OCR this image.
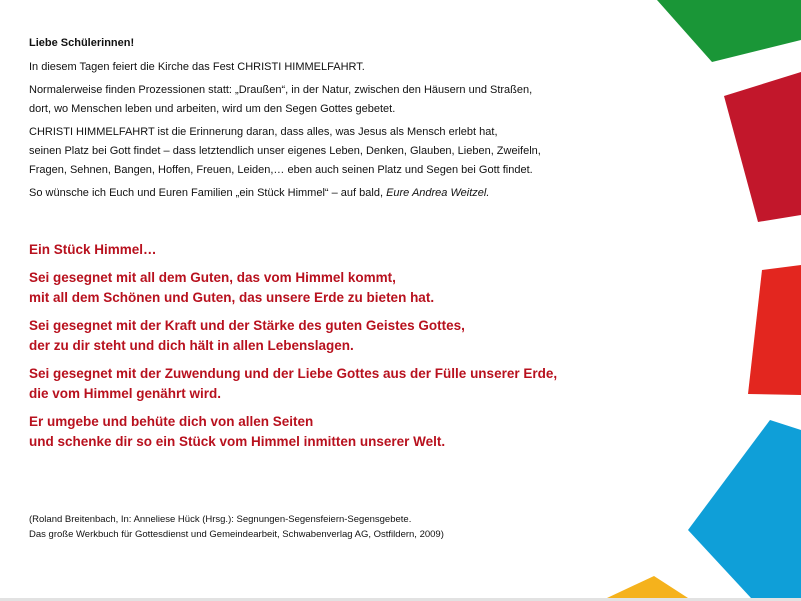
Liebe Schülerinnen!

In diesem Tagen feiert die Kirche das Fest CHRISTI HIMMELFAHRT.

Normalerweise finden Prozessionen statt: „Draußen“, in der Natur, zwischen den Häusern und Straßen,
dort, wo Menschen leben und arbeiten, wird um den Segen Gottes gebetet.

CHRISTI HIMMELFAHRT ist die Erinnerung daran, dass alles, was Jesus als Mensch erlebt hat,
seinen Platz bei Gott findet – dass letztendlich unser eigenes Leben, Denken, Glauben, Lieben, Zweifeln,
Fragen, Sehnen, Bangen, Hoffen, Freuen, Leiden,… eben auch seinen Platz und Segen bei Gott findet.

So wünsche ich Euch und Euren Familien „ein Stück Himmel“ – auf bald, Eure Andrea Weitzel.

Ein Stück Himmel…

Sei gesegnet mit all dem Guten, das vom Himmel kommt,
mit all dem Schönen und Guten, das unsere Erde zu bieten hat.

Sei gesegnet mit der Kraft und der Stärke des guten Geistes Gottes,
der zu dir steht und dich hält in allen Lebenslagen.

Sei gesegnet mit der Zuwendung und der Liebe Gottes aus der Fülle unserer Erde,
die vom Himmel genährt wird.

Er umgebe und behüte dich von allen Seiten
und schenke dir so ein Stück vom Himmel inmitten unserer Welt.

(Roland Breitenbach, In: Anneliese Hück (Hrsg.): Segnungen-Segensfeiern-Segensgebete.
Das große Werkbuch für Gottesdienst und Gemeindearbeit, Schwabenverlag AG, Ostfildern, 2009)
